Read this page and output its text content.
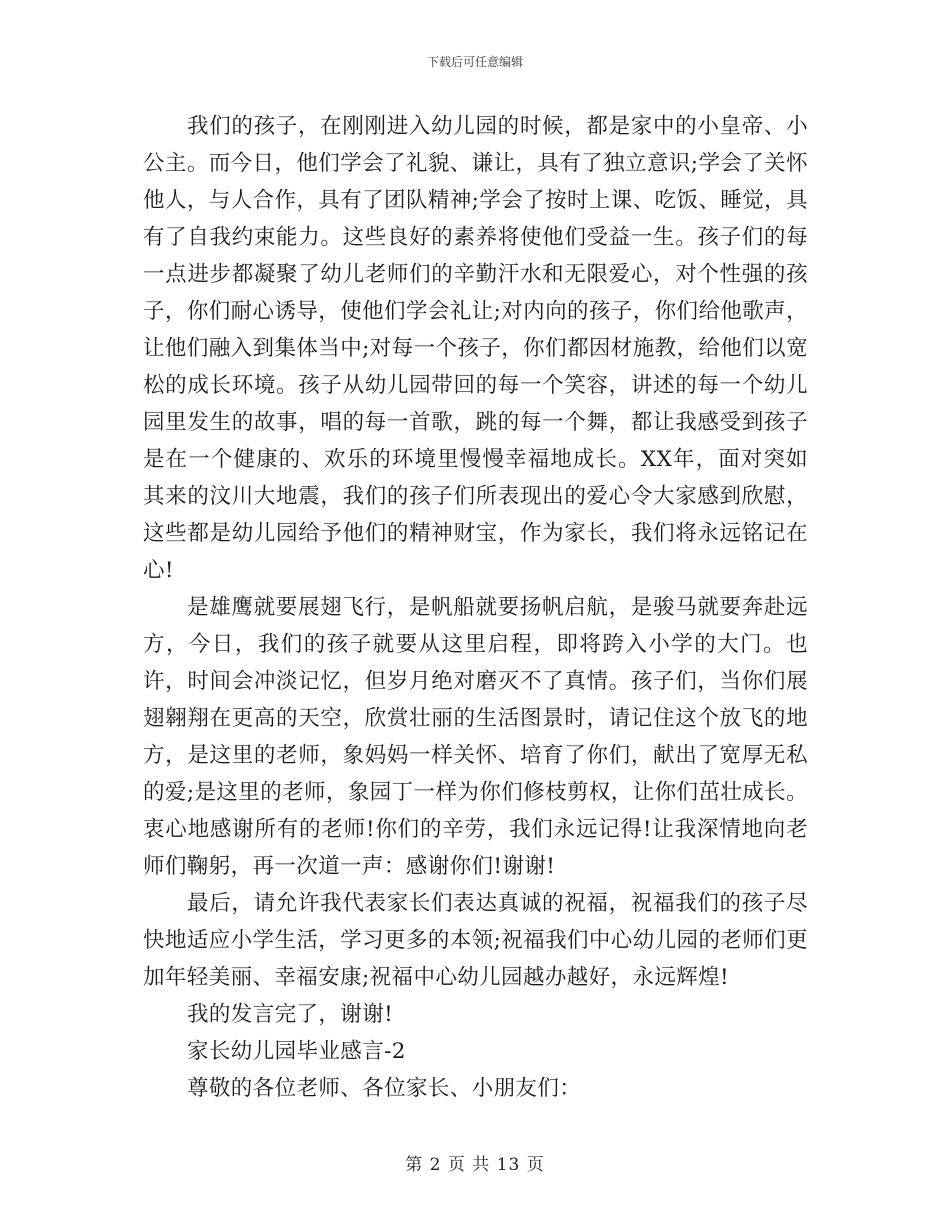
下载后可任意编辑

我们的孩子，在刚刚进入幼儿园的时候，都是家中的小皇帝、小公主。而今日，他们学会了礼貌、谦让，具有了独立意识;学会了关怀他人，与人合作，具有了团队精神;学会了按时上课、吃饭、睡觉，具有了自我约束能力。这些良好的素养将使他们受益一生。孩子们的每一点进步都凝聚了幼儿老师们的辛勤汗水和无限爱心，对个性强的孩子，你们耐心诱导，使他们学会礼让;对内向的孩子，你们给他歌声，让他们融入到集体当中;对每一个孩子，你们都因材施教，给他们以宽松的成长环境。孩子从幼儿园带回的每一个笑容，讲述的每一个幼儿园里发生的故事，唱的每一首歌，跳的每一个舞，都让我感受到孩子是在一个健康的、欢乐的环境里慢慢幸福地成长。XX年，面对突如其来的汶川大地震，我们的孩子们所表现出的爱心令大家感到欣慰，这些都是幼儿园给予他们的精神财宝，作为家长，我们将永远铭记在心!

是雄鹰就要展翅飞行，是帆船就要扬帆启航，是骏马就要奔赴远方，今日，我们的孩子就要从这里启程，即将跨入小学的大门。也许，时间会冲淡记忆，但岁月绝对磨灭不了真情。孩子们，当你们展翅翱翔在更高的天空，欣赏壮丽的生活图景时，请记住这个放飞的地方，是这里的老师，象妈妈一样关怀、培育了你们，献出了宽厚无私的爱;是这里的老师，象园丁一样为你们修枝剪权，让你们茁壮成长。衷心地感谢所有的老师!你们的辛劳，我们永远记得!让我深情地向老师们鞠躬，再一次道一声：感谢你们!谢谢!

最后，请允许我代表家长们表达真诚的祝福，祝福我们的孩子尽快地适应小学生活，学习更多的本领;祝福我们中心幼儿园的老师们更加年轻美丽、幸福安康;祝福中心幼儿园越办越好，永远辉煌!

我的发言完了，谢谢!

家长幼儿园毕业感言-2

尊敬的各位老师、各位家长、小朋友们：

第 2 页 共 13 页
